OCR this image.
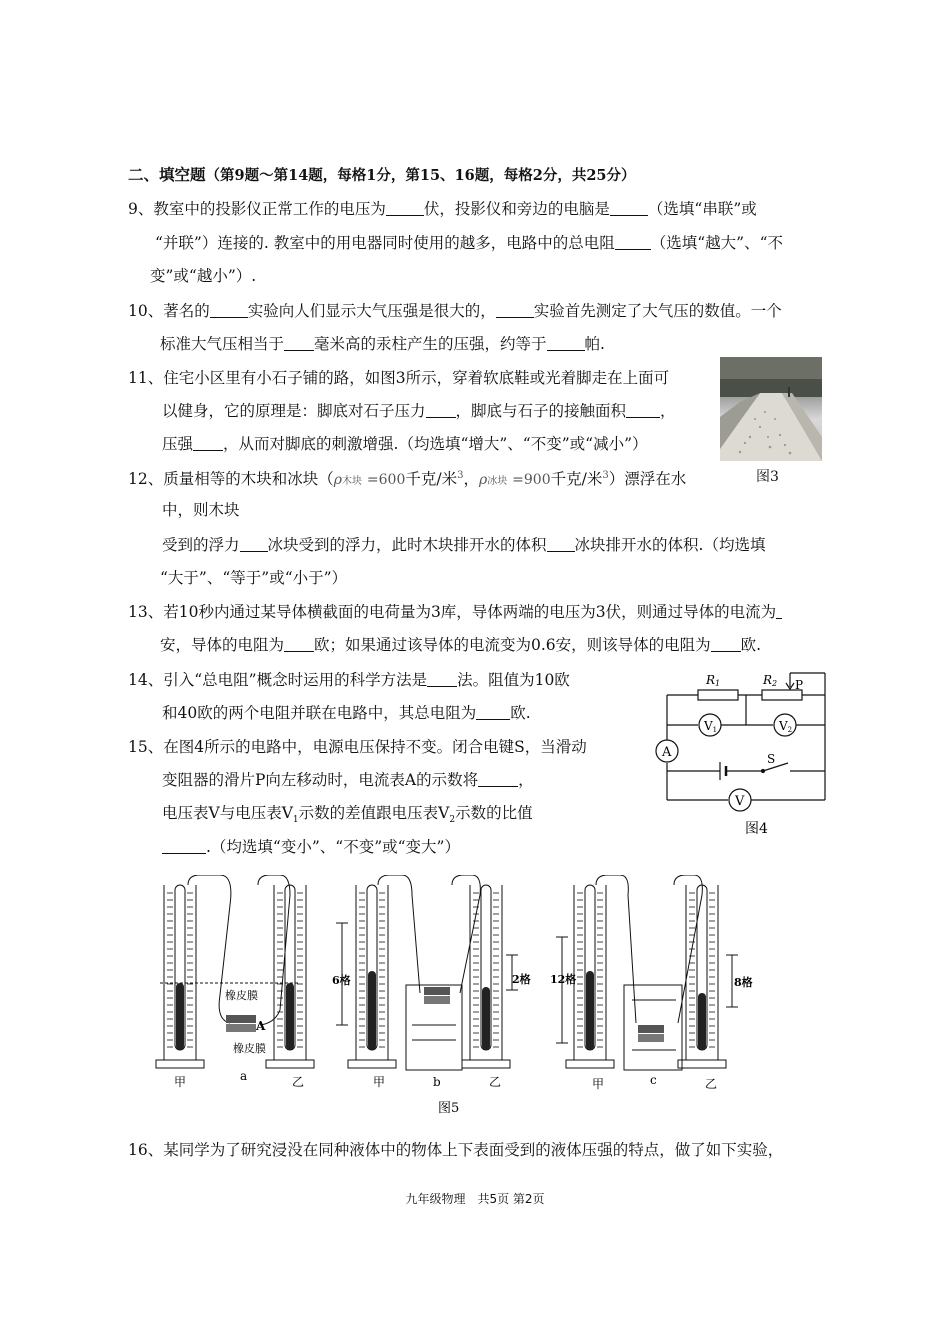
二、填空题（第9题～第14题，每格1分，第15、16题，每格2分，共25分）
9、教室中的投影仪正常工作的电压为 伏，投影仪和旁边的电脑是 （选填“串联”或
“并联”）连接的. 教室中的用电器同时使用的越多，电路中的总电阻 （选填“越大”、“不
变”或“越小”）.
10、著名的 实验向人们显示大气压强是很大的， 实验首先测定了大气压的数值。一个
标准大气压相当于 毫米高的汞柱产生的压强，约等于 帕.
11、住宅小区里有小石子铺的路，如图3所示，穿着软底鞋或光着脚走在上面可
以健身，它的原理是：脚底对石子压力 ，脚底与石子的接触面积 ，
压强 ，从而对脚底的刺激增强.（均选填“增大”、“不变”或“减小”）
图3
12、质量相等的木块和冰块（ρ木块 =600千克/米$^3$，ρ冰块 =900千克/米$^3$）漂浮在水
中，则木块
受到的浮力 冰块受到的浮力，此时木块排开水的体积 冰块排开水的体积.（均选填
“大于”、“等于”或“小于”）
13、若10秒内通过某导体横截面的电荷量为3库，导体两端的电压为3伏，则通过导体的电流为
安，导体的电阻为 欧；如果通过该导体的电流变为0.6安，则该导体的电阻为 欧.
14、引入“总电阻”概念时运用的科学方法是 法。阻值为10欧
和40欧的两个电阻并联在电路中，其总电阻为 欧.
15、在图4所示的电路中，电源电压保持不变。闭合电键S，当滑动
变阻器的滑片P向左移动时，电流表A的示数将	，
电压表V与电压表$V_1$示数的差值跟电压表$V_2$示数的比值
.（均选填“变小”、“不变”或“变大”）
R1	R2 P
V1	V2
A	S
V
图4
橡皮膜
A
橡皮膜
甲	a	乙
6格	2格
甲	b	乙
12格	8格
甲	c	乙
图5
16、某同学为了研究浸没在同种液体中的物体上下表面受到的液体压强的特点，做了如下实验，
九年级物理　共5页 第2页
